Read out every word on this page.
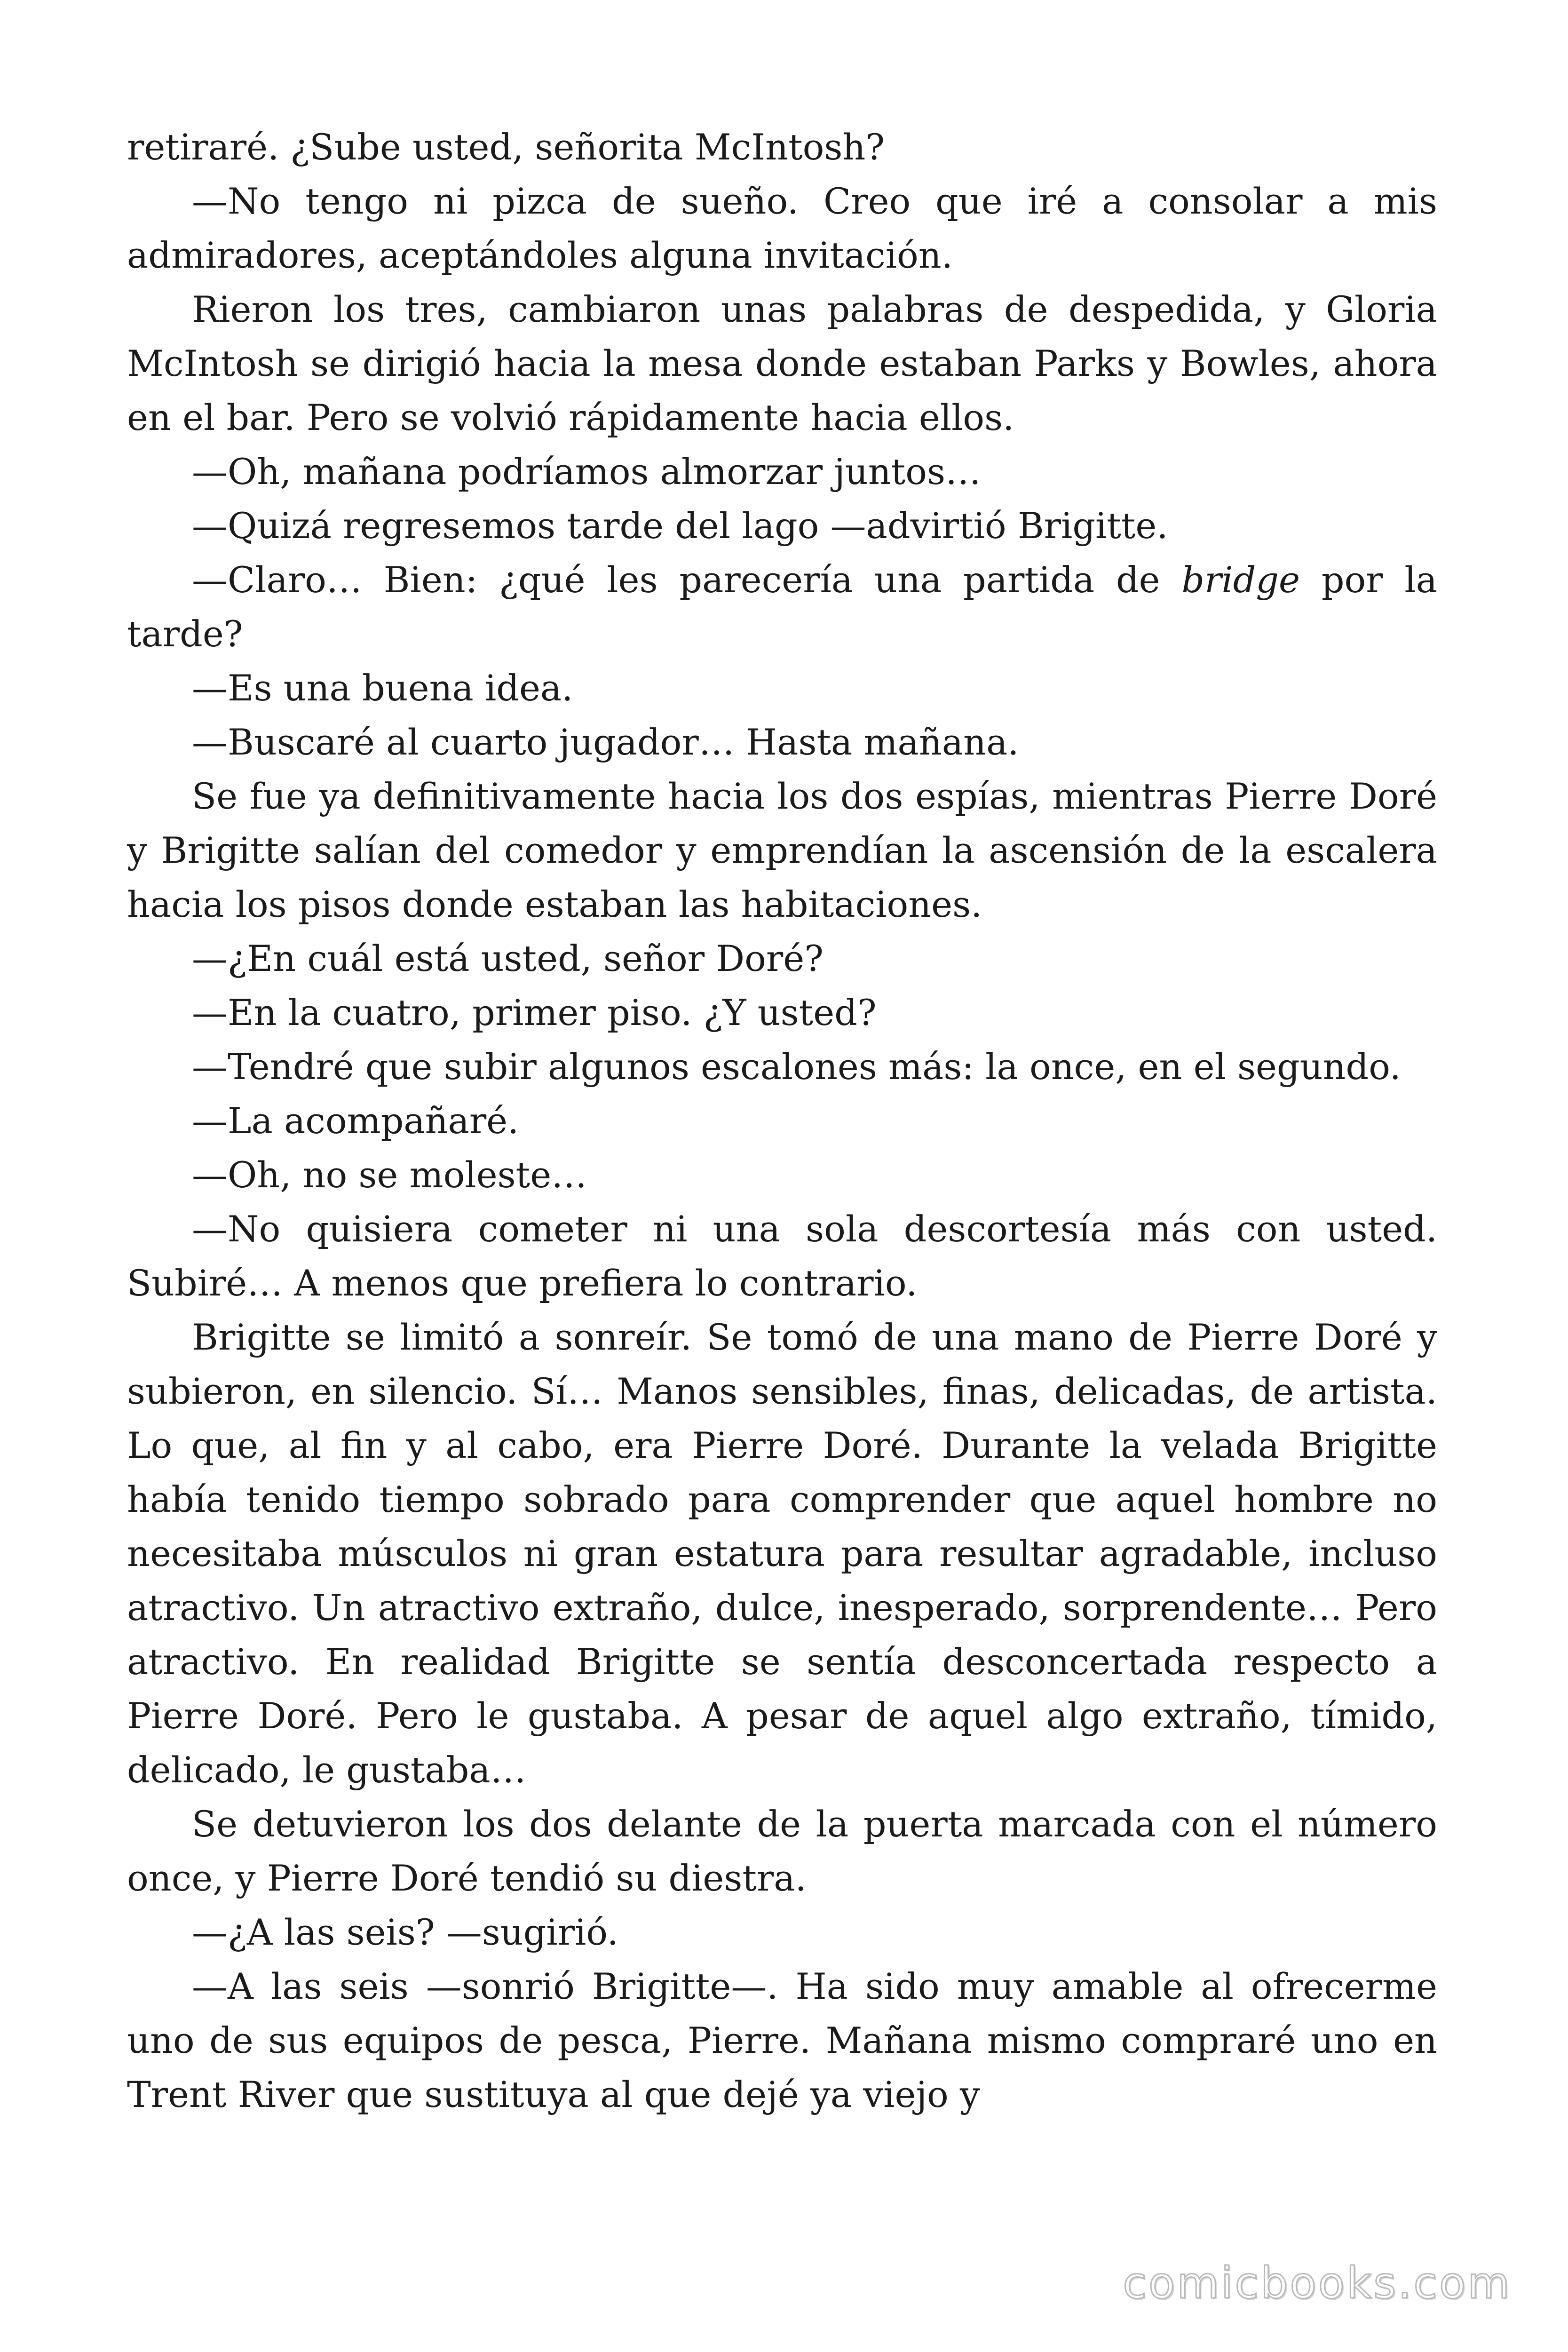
retiraré. ¿Sube usted, señorita McIntosh?

—No tengo ni pizca de sueño. Creo que iré a consolar a mis admiradores, aceptándoles alguna invitación.

Rieron los tres, cambiaron unas palabras de despedida, y Gloria McIntosh se dirigió hacia la mesa donde estaban Parks y Bowles, ahora en el bar. Pero se volvió rápidamente hacia ellos.

—Oh, mañana podríamos almorzar juntos…

—Quizá regresemos tarde del lago —advirtió Brigitte.

—Claro… Bien: ¿qué les parecería una partida de bridge por la tarde?

—Es una buena idea.

—Buscaré al cuarto jugador… Hasta mañana.

Se fue ya definitivamente hacia los dos espías, mientras Pierre Doré y Brigitte salían del comedor y emprendían la ascensión de la escalera hacia los pisos donde estaban las habitaciones.

—¿En cuál está usted, señor Doré?

—En la cuatro, primer piso. ¿Y usted?

—Tendré que subir algunos escalones más: la once, en el segundo.

—La acompañaré.

—Oh, no se moleste…

—No quisiera cometer ni una sola descortesía más con usted. Subiré… A menos que prefiera lo contrario.

Brigitte se limitó a sonreír. Se tomó de una mano de Pierre Doré y subieron, en silencio. Sí… Manos sensibles, finas, delicadas, de artista. Lo que, al fin y al cabo, era Pierre Doré. Durante la velada Brigitte había tenido tiempo sobrado para comprender que aquel hombre no necesitaba músculos ni gran estatura para resultar agradable, incluso atractivo. Un atractivo extraño, dulce, inesperado, sorprendente… Pero atractivo. En realidad Brigitte se sentía desconcertada respecto a Pierre Doré. Pero le gustaba. A pesar de aquel algo extraño, tímido, delicado, le gustaba…

Se detuvieron los dos delante de la puerta marcada con el número once, y Pierre Doré tendió su diestra.

—¿A las seis? —sugirió.

—A las seis —sonrió Brigitte—. Ha sido muy amable al ofrecerme uno de sus equipos de pesca, Pierre. Mañana mismo compraré uno en Trent River que sustituya al que dejé ya viejo y

comicbooks.com
